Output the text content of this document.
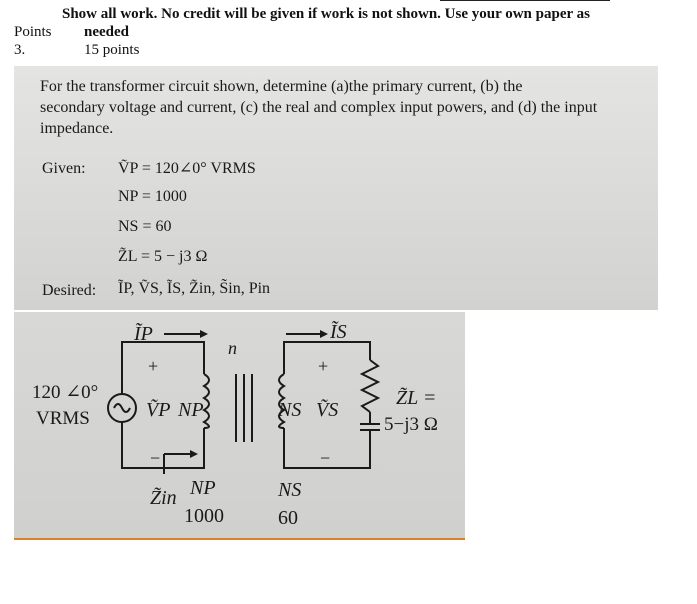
Show all work. No credit will be given if work is not shown. Use your own paper as
Points needed
3.	15 points
For the transformer circuit shown, determine (a)the primary current, (b) the
secondary voltage and current, (c) the real and complex input powers, and (d) the input
impedance.
Given: ṼP = 120∠0° VRMS
NP = 1000
NS = 60
Z̃L = 5 − j3 Ω
Desired: ĨP, ṼS, ĨS, Z̃in, S̃in, Pin
ĨP	ĨS
n
+
−
+
−
ṼP NP	NS ṼS
120 ∠0°
VRMS
Z̃in NP
1000
NS
60
Z̃L =
5−j3 Ω
